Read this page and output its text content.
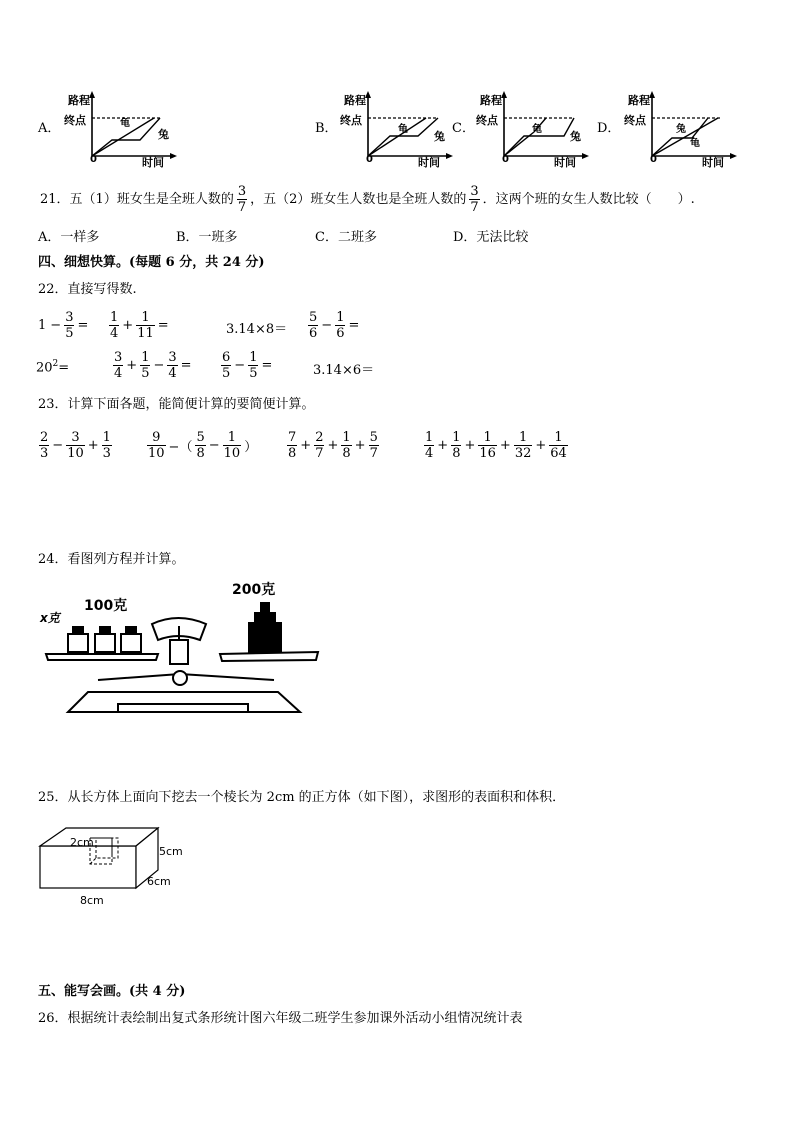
A．
路程
终点
0
龟
兔
时间
B．
路程
终点
0
龟
兔
时间
C．
路程
终点
0
龟
兔
时间
D．
路程
终点
0
兔
龟
时间
21．五（1）班女生是全班人数的 $\frac{3}{7}$ ，五（2）班女生人数也是全班人数的 $\frac{3}{7}$ ．这两个班的女生人数比较（　　）.
A．一样多	B．一班多	C．二班多	D．无法比较
四、细想快算。(每题 6 分，共 24 分)
22．直接写得数.
$1 - \frac{3}{5} = \frac{1}{4} + \frac{1}{11}$ =	$3.14\times 8= \frac{5}{6} - \frac{1}{6}$ =
$20^2=$	$\frac{3}{4} + \frac{1}{5} - \frac{3}{4} = \frac{6}{5} - \frac{1}{5}$ =	3.14×6＝
23．计算下面各题，能简便计算的要简便计算。
$\frac{2}{3} - \frac{3}{10} + \frac{1}{3}$	$\frac{9}{10}$ −（ $\frac{5}{8} - \frac{1}{10}$ ） $\frac{7}{8} + \frac{2}{7} + \frac{1}{8} + \frac{5}{7}$	$\frac{1}{4} + \frac{1}{8} + \frac{1}{16} + \frac{1}{32} + \frac{1}{64}$
24．看图列方程并计算。
x克
100克
200克
25．从长方体上面向下挖去一个棱长为 2cm 的正方体（如下图），求图形的表面积和体积．
2cm
5cm
6cm
8cm
五、能写会画。(共 4 分)
26．根据统计表绘制出复式条形统计图六年级二班学生参加课外活动小组情况统计表
